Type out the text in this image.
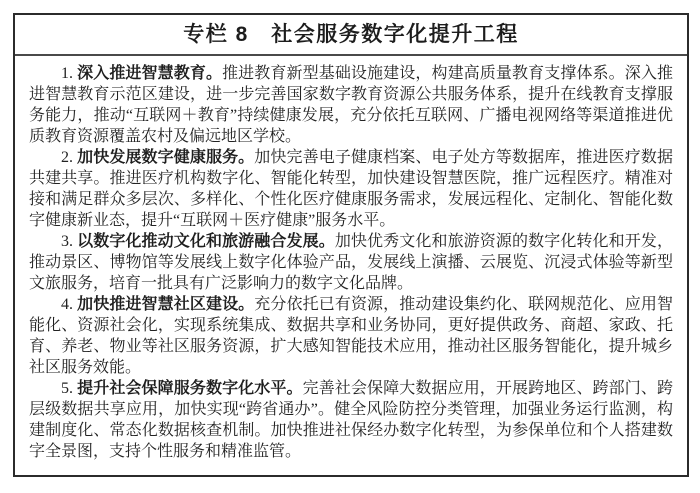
专栏 8　社会服务数字化提升工程

1. 深入推进智慧教育。推进教育新型基础设施建设，构建高质量教育支撑体系。深入推进智慧教育示范区建设，进一步完善国家数字教育资源公共服务体系，提升在线教育支撑服务能力，推动“互联网＋教育”持续健康发展，充分依托互联网、广播电视网络等渠道推进优质教育资源覆盖农村及偏远地区学校。

2. 加快发展数字健康服务。加快完善电子健康档案、电子处方等数据库，推进医疗数据共建共享。推进医疗机构数字化、智能化转型，加快建设智慧医院，推广远程医疗。精准对接和满足群众多层次、多样化、个性化医疗健康服务需求，发展远程化、定制化、智能化数字健康新业态，提升“互联网＋医疗健康”服务水平。

3. 以数字化推动文化和旅游融合发展。加快优秀文化和旅游资源的数字化转化和开发，推动景区、博物馆等发展线上数字化体验产品，发展线上演播、云展览、沉浸式体验等新型文旅服务，培育一批具有广泛影响力的数字文化品牌。

4. 加快推进智慧社区建设。充分依托已有资源，推动建设集约化、联网规范化、应用智能化、资源社会化，实现系统集成、数据共享和业务协同，更好提供政务、商超、家政、托育、养老、物业等社区服务资源，扩大感知智能技术应用，推动社区服务智能化，提升城乡社区服务效能。

5. 提升社会保障服务数字化水平。完善社会保障大数据应用，开展跨地区、跨部门、跨层级数据共享应用，加快实现“跨省通办”。健全风险防控分类管理，加强业务运行监测，构建制度化、常态化数据核查机制。加快推进社保经办数字化转型，为参保单位和个人搭建数字全景图，支持个性服务和精准监管。
